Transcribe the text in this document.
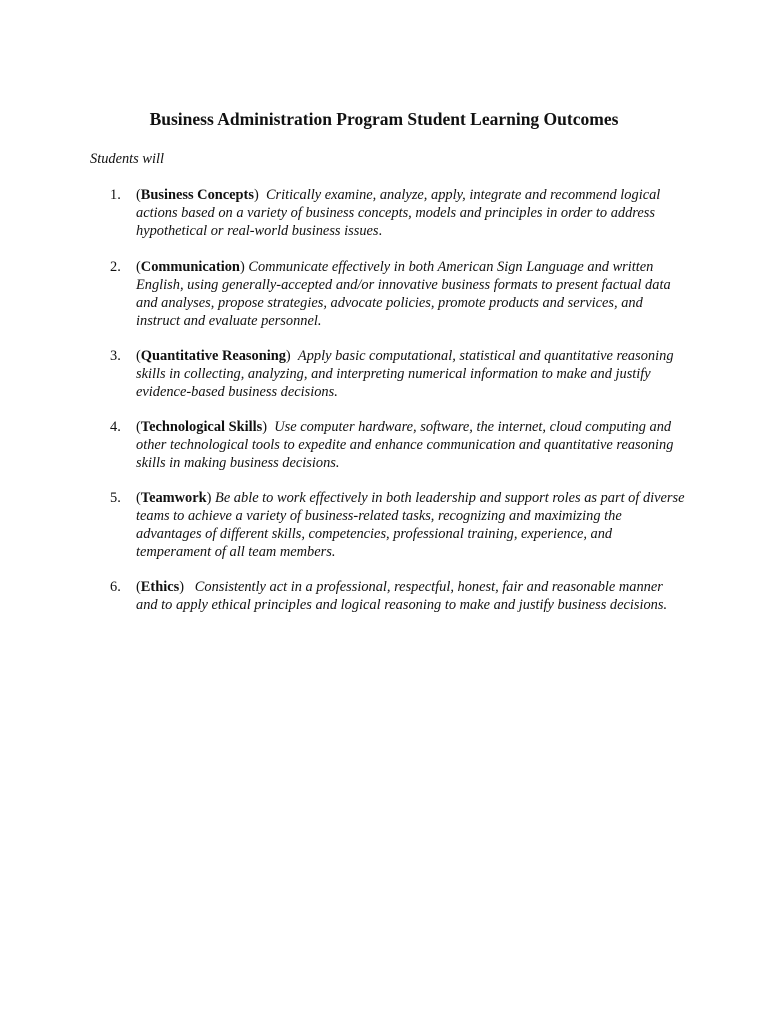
Business Administration Program Student Learning Outcomes

Students will

1.	(Business Concepts) Critically examine, analyze, apply, integrate and recommend logical actions based on a variety of business concepts, models and principles in order to address hypothetical or real-world business issues.
2.	(Communication) Communicate effectively in both American Sign Language and written English, using generally-accepted and/or innovative business formats to present factual data and analyses, propose strategies, advocate policies, promote products and services, and instruct and evaluate personnel.
3.	(Quantitative Reasoning) Apply basic computational, statistical and quantitative reasoning skills in collecting, analyzing, and interpreting numerical information to make and justify evidence-based business decisions.
4.	(Technological Skills) Use computer hardware, software, the internet, cloud computing and other technological tools to expedite and enhance communication and quantitative reasoning skills in making business decisions.
5.	(Teamwork) Be able to work effectively in both leadership and support roles as part of diverse teams to achieve a variety of business-related tasks, recognizing and maximizing the advantages of different skills, competencies, professional training, experience, and temperament of all team members.
6.	(Ethics) Consistently act in a professional, respectful, honest, fair and reasonable manner and to apply ethical principles and logical reasoning to make and justify business decisions.
